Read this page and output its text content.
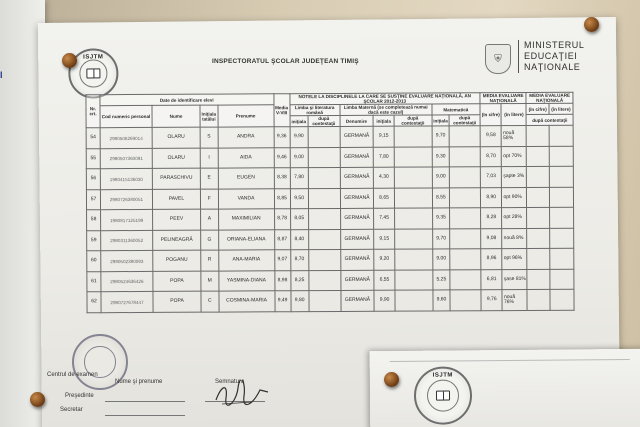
I
ISJTM
INSPECTORATUL ŞCOLAR JUDEŢEAN TIMIŞ	⛨
MINISTERUL
EDUCAŢIEI
NAŢIONALE
Nr. crt.	Date de identificare elevi				Media V-VIII	NOTELE LA DISCIPLINELE LA CARE SE SUSŢINE EVALUARE NAŢIONALĂ, AN ŞCOLAR 2012-2013							MEDIA EVALUARE NAŢIONALĂ		MEDIA EVALUARE NAŢIONALĂ	
	Cod numeric personal	Nume	Iniţiala tatălui	Prenume		Limba şi literatura română		Limba Maternă (se completează numai dacă este cazul)			Matematică		(în cifre)	(în litere)	(în cifre)	(în litere)
						iniţiala	după contestaţii	Denumire	iniţiala	după contestaţii	iniţiala	după contestaţii			după contestaţii	
54	2980506269014	OLARU	S	ANDRA	9,36	9,90		GERMANĂ	9,15		9,70		9,58	nouă 58%		
55	2980507360091	OLARU	I	AIDA	9,46	9,00		GERMANĂ	7,80		9,30		8,70	opt 70%		
56	1980415136030	PARASCHIVU	E	EUGEN	8,38	7,80		GERMANĂ	4,30		9,00		7,03	şapte 3%		
57	2980726380051	PAVEL	F	VANDA	8,85	9,50		GERMANĂ	8,65		8,55		8,90	opt 90%		
58	1980817125199	PEEV	A	MAXIMILIAN	8,78	8,05		GERMANĂ	7,45		9,35		8,28	opt 28%		
59	2980311360052	PELINEAGRĂ	G	ORIANA-ELIANA	8,87	8,40		GERMANĂ	9,15		9,70		9,08	nouă 8%		
60	2980502380093	POGANU	R	ANA-MARIA	9,07	8,70		GERMANĂ	9,20		9,00		8,96	opt 96%		
61	2980524636426	POPA	M	YASMINA-DIANA	8,98	8,25		GERMANĂ	6,55		5,25		6,81	şase 81%		
62	2980727678447	POPA	C	COSMINA-MARIA	9,49	9,80		GERMANĂ	9,90		9,60		9,76	nouă 76%		
Centrul de examen
Nume şi prenume	Semnatura
Preşedinte
Secretar
ISJTM
